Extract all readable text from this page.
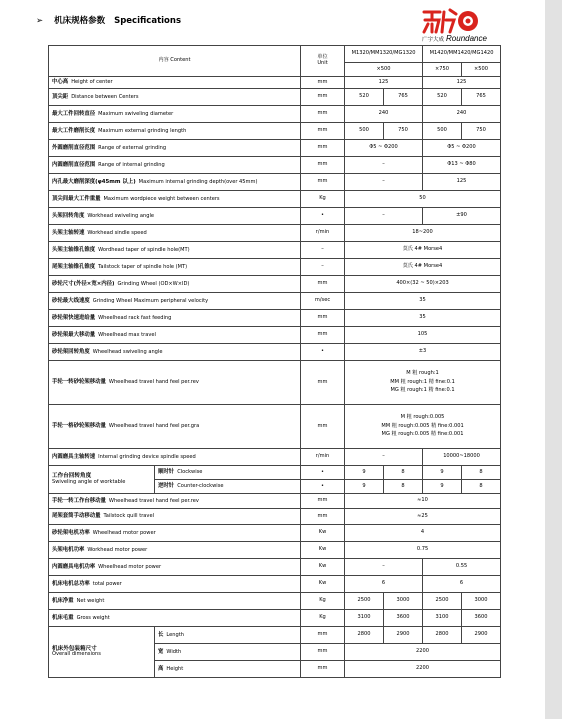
➢ 机床规格参数 Specifications
广宇大成 Roundance
内容 Content		单位
Unit	M1320/MM1320/MG1320		M1420/MM1420/MG1420		
			×500		×750	×500	
中心高 Height of center		mm	125		125		
顶尖距 Distance between Centers		mm	520	765	520	765	
最大工件回转直径 Maximum swiveling diameter		mm	240		240		
最大工件磨削长度 Maximum external grinding length		mm	500	750	500	750	
外圆磨削直径范围 Range of external grinding		mm	Φ5 ~ Φ200		Φ5 ~ Φ200		
内圆磨削直径范围 Range of internal grinding		mm	–		Φ13 ~ Φ80		
内孔最大磨削深度(φ45mm 以上) Maximum internal grinding depth(over 45mm)		mm	–		125		
顶尖间最大工件重量 Maximum wordpiece weight between centers		Kg	50				

头架回转角度 Workhead swiveling angle		•	–		±90		
头架主轴转速 Workhead sindle speed		r/min	18~200				

头架主轴锥孔锥度 Wordhead taper of spindle hole(MT)		–	莫氏 4# Morse4				

尾架主轴锥孔锥度 Tailstock taper of spindle hole (MT)		–	莫氏 4# Morse4				

砂轮尺寸(外径×宽×内径) Grinding Wheel (OD×W×ID)		mm	400×(32 ~ 50)×203				

砂轮最大线速度 Grinding Wheel Maximum peripheral velocity		m/sec	35				

砂轮架快速进给量 Wheelhead rack fast feeding		mm	35				

砂轮架最大移动量 Wheelhead max travel		mm	105				

砂轮架回转角度 Wheelhead swiveling angle		•	±3				

手轮一转砂轮架移动量 Wheelhead travel hand feel per.rev		mm	M 粗 rough:1
MM 粗 rough:1 精 fine:0.1
MG 粗 rough:1 精 fine:0.1				

手轮一格砂轮架移动量 Wheelhead travel hand feel per.gra		mm	M 粗 rough:0.005
MM 粗 rough:0.005 精 fine:0.001
MG 粗 rough:0.005 精 fine:0.001				

内圆磨具主轴转速 Internal grinding device spindle speed		r/min	–		10000~18000		

工作台回转角度
Swiveling angle of worktable	顺时针 Clockwise	•	9	8	9	8	
	逆时针 Counter-clockwise	•	9	8	9	8	
手轮一转工作台移动量 Wheelhead travel hand feel per.rev		mm	≈10				

尾架套筒手动移动量 Tailstock quill travel		mm	≈25				

砂轮架电机功率 Wheelhead motor power		Kw	4				

头架电机功率 Workhead motor power		Kw	0.75				

内圆磨具电机功率 Wheelhead motor power		Kw	–		0.55		
机床电机总功率 total power		Kw	6		6		
机床净重 Net weight		Kg	2500	3000	2500	3000	
机床毛重 Gross weight		Kg	3100	3600	3100	3600	

机床外包装箱尺寸
Overall dimensions	长 Length	mm	2800	2900	2800	2900	
	宽 Width	mm	2200				

	高 Height	mm	2200				
